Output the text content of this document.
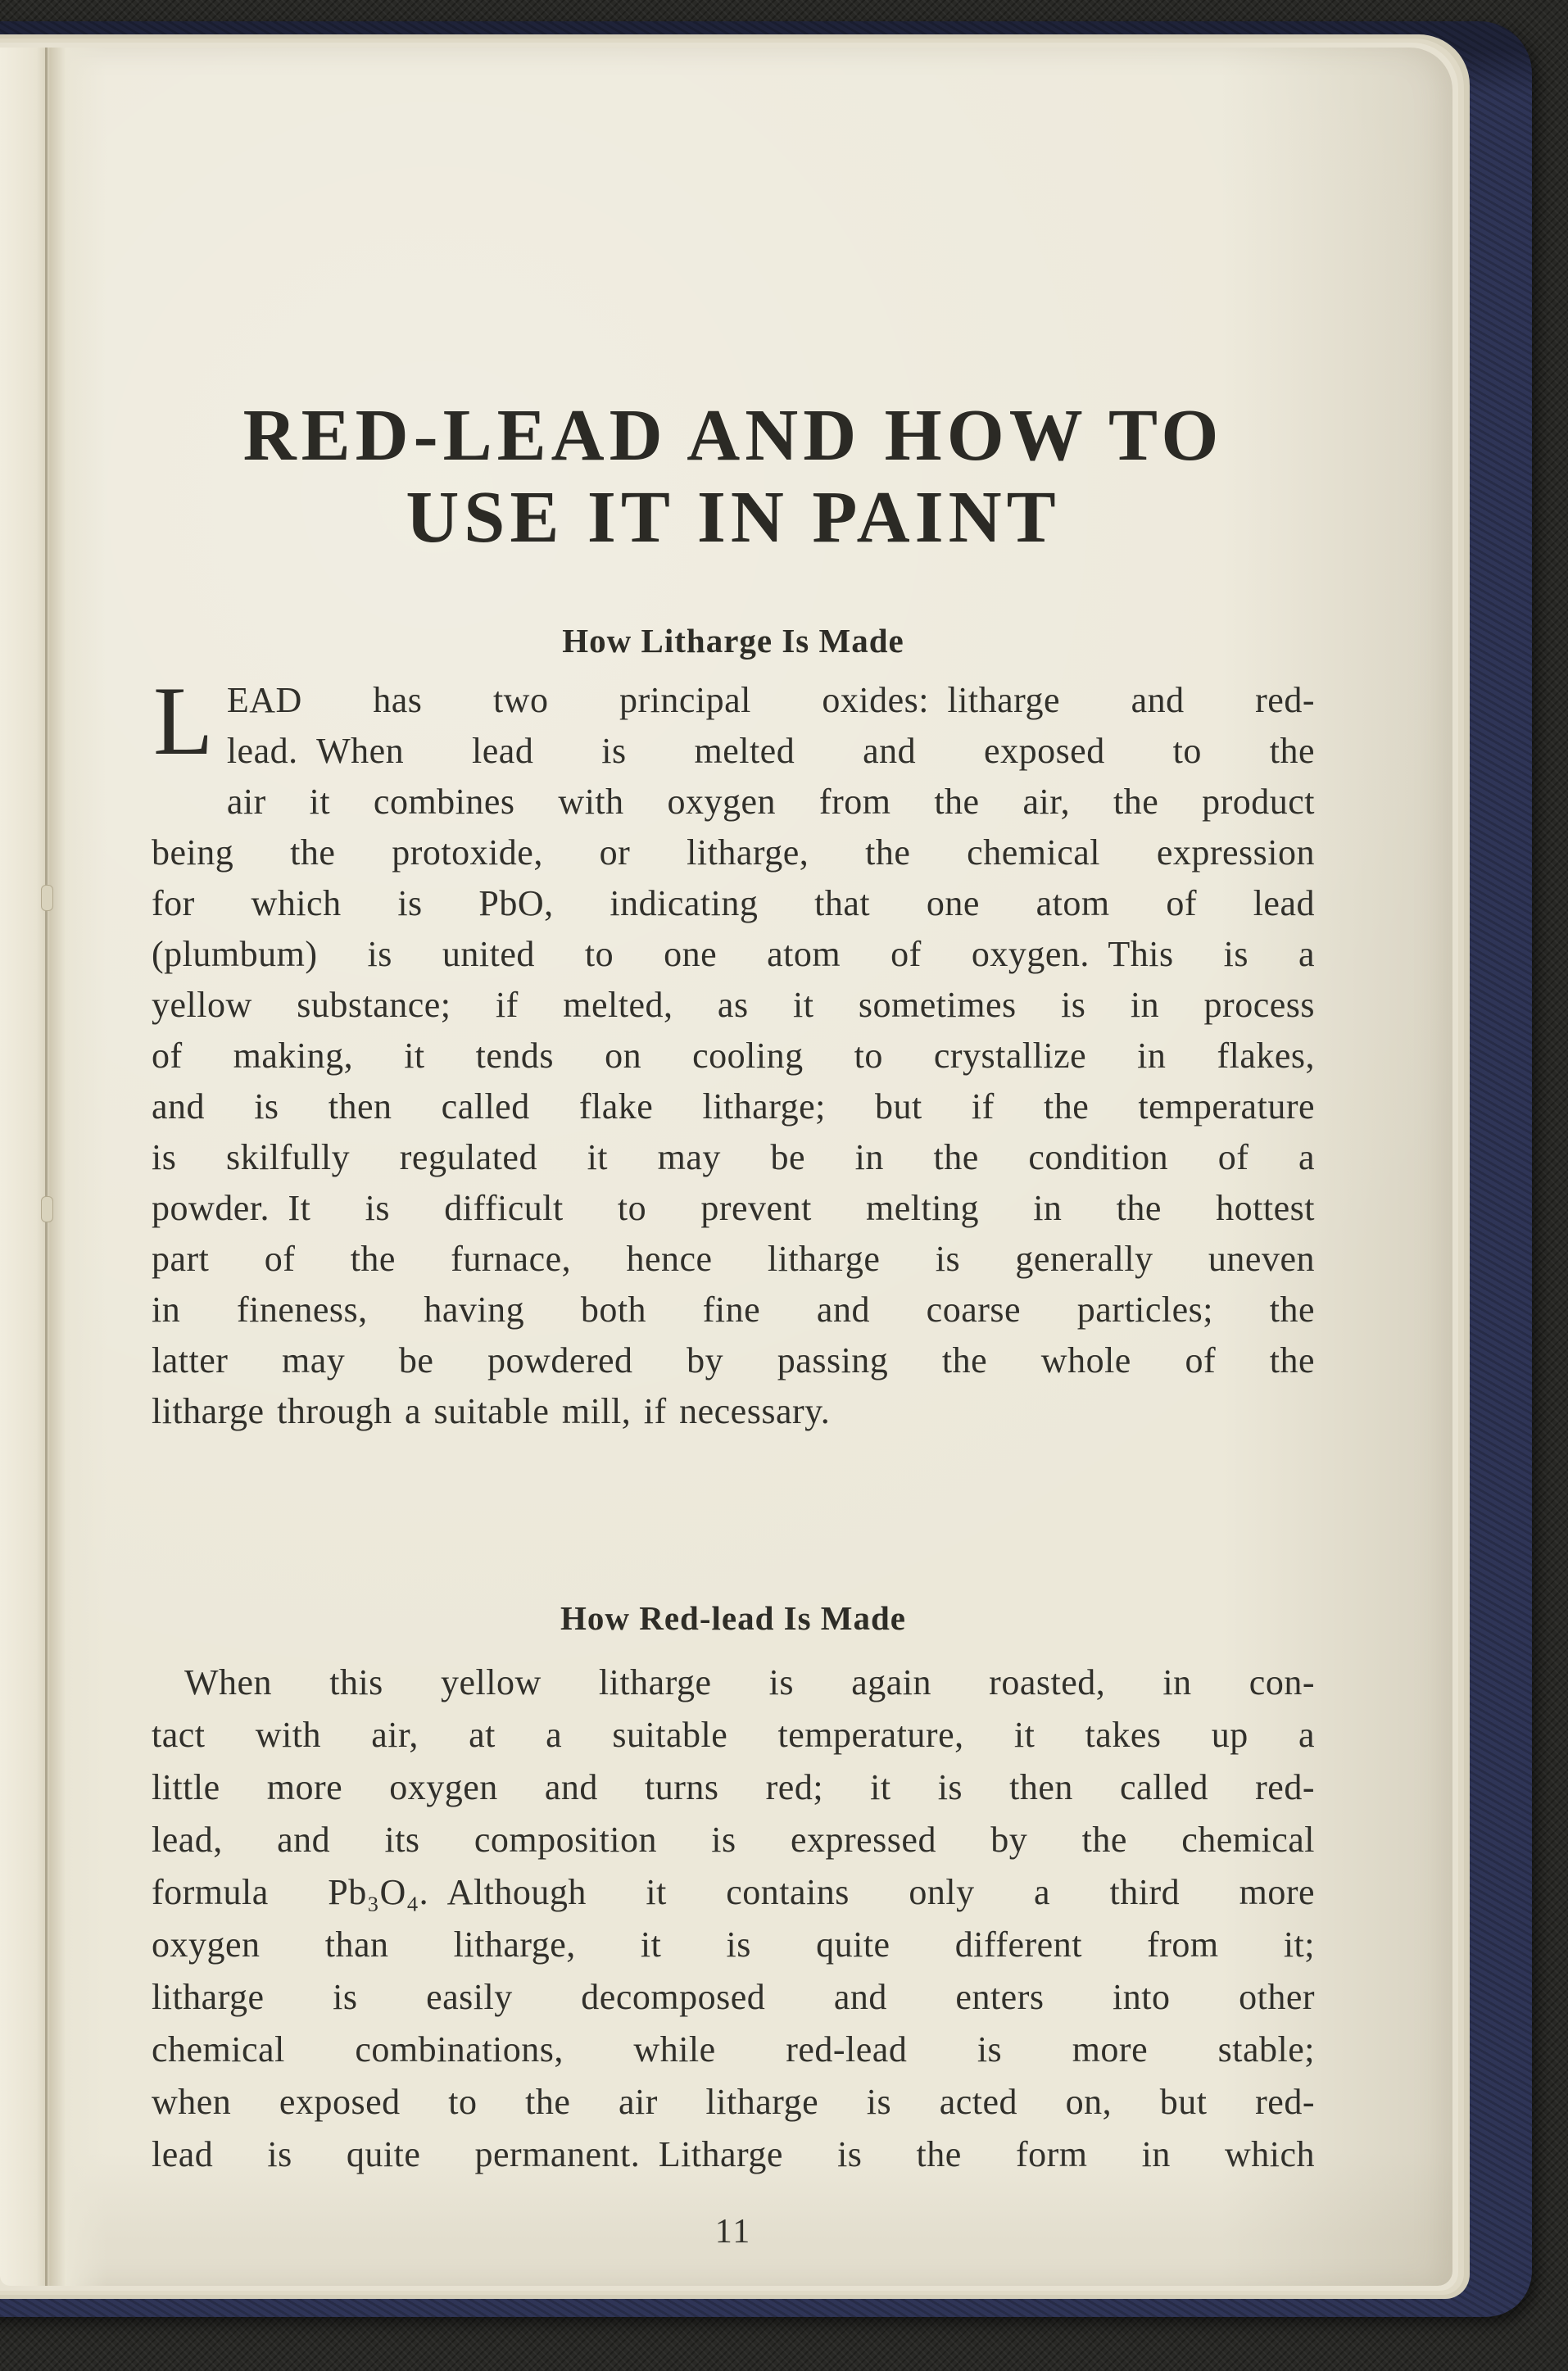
RED-LEAD AND HOW TO
USE IT IN PAINT
How Litharge Is Made
L EAD has two principal oxides: litharge and red-
lead. When lead is melted and exposed to the
air it combines with oxygen from the air, the product
being the protoxide, or litharge, the chemical expression
for which is PbO, indicating that one atom of lead
(plumbum) is united to one atom of oxygen. This is a
yellow substance; if melted, as it sometimes is in process
of making, it tends on cooling to crystallize in flakes,
and is then called flake litharge; but if the temperature
is skilfully regulated it may be in the condition of a
powder. It is difficult to prevent melting in the hottest
part of the furnace, hence litharge is generally uneven
in fineness, having both fine and coarse particles; the
latter may be powdered by passing the whole of the
litharge through a suitable mill, if necessary.
How Red-lead Is Made
When this yellow litharge is again roasted, in con-
tact with air, at a suitable temperature, it takes up a
little more oxygen and turns red; it is then called red-
lead, and its composition is expressed by the chemical
formula Pb₃O₄. Although it contains only a third more
oxygen than litharge, it is quite different from it;
litharge is easily decomposed and enters into other
chemical combinations, while red-lead is more stable;
when exposed to the air litharge is acted on, but red-
lead is quite permanent. Litharge is the form in which
11
